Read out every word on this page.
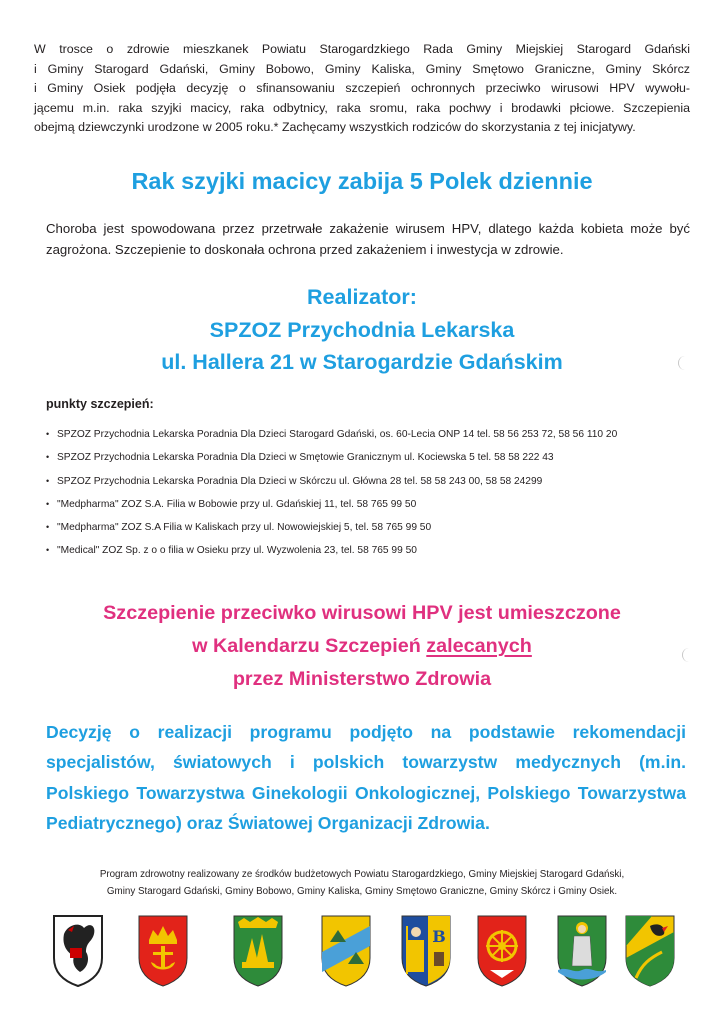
W trosce o zdrowie mieszkanek Powiatu Starogardzkiego Rada Gminy Miejskiej Starogard Gdański
i Gminy Starogard Gdański, Gminy Bobowo, Gminy Kaliska, Gminy Smętowo Graniczne, Gminy Skórcz
i Gminy Osiek podjęła decyzję o sfinansowaniu szczepień ochronnych przeciwko wirusowi HPV wywołu-
jącemu m.in. raka szyjki macicy, raka odbytnicy, raka sromu, raka pochwy i brodawki płciowe. Szczepienia
obejmą dziewczynki urodzone w 2005 roku.* Zachęcamy wszystkich rodziców do skorzystania z tej inicjatywy.
Rak szyjki macicy zabija 5 Polek dziennie
Choroba jest spowodowana przez przetrwałe zakażenie wirusem HPV, dlatego każda kobieta może być zagrożona. Szczepienie to doskonała ochrona przed zakażeniem i inwestycja w zdrowie.
Realizator:
SPZOZ Przychodnia Lekarska
ul. Hallera 21 w Starogardzie Gdańskim
punkty szczepień:
• SPZOZ Przychodnia Lekarska Poradnia Dla Dzieci Starogard Gdański, os. 60-Lecia ONP 14 tel. 58 56 253 72, 58 56 110 20
• SPZOZ Przychodnia Lekarska Poradnia Dla Dzieci w Smętowie Granicznym ul. Kociewska 5 tel. 58 58 222 43
• SPZOZ Przychodnia Lekarska Poradnia Dla Dzieci w Skórczu ul. Główna 28 tel. 58 58 243 00, 58 58 24299
• "Medpharma" ZOZ S.A. Filia w Bobowie przy ul. Gdańskiej 11, tel. 58 765 99 50
• "Medpharma" ZOZ S.A Filia w Kaliskach przy ul. Nowowiejskiej 5, tel. 58 765 99 50
• "Medical" ZOZ Sp. z o o filia w Osieku przy ul. Wyzwolenia 23, tel. 58 765 99 50
Szczepienie przeciwko wirusowi HPV jest umieszczone
w Kalendarzu Szczepień zalecanych
przez Ministerstwo Zdrowia
Decyzję o realizacji programu podjęto na podstawie rekomendacji specjalistów, światowych i polskich towarzystw medycznych (m.in. Polskiego Towarzystwa Ginekologii Onkologicznej, Polskiego Towarzystwa Pediatrycznego) oraz Światowej Organizacji Zdrowia.
Program zdrowotny realizowany ze środków budżetowych Powiatu Starogardzkiego, Gminy Miejskiej Starogard Gdański,
Gminy Starogard Gdański, Gminy Bobowo, Gminy Kaliska, Gminy Smętowo Graniczne, Gminy Skórcz i Gminy Osiek.
B
